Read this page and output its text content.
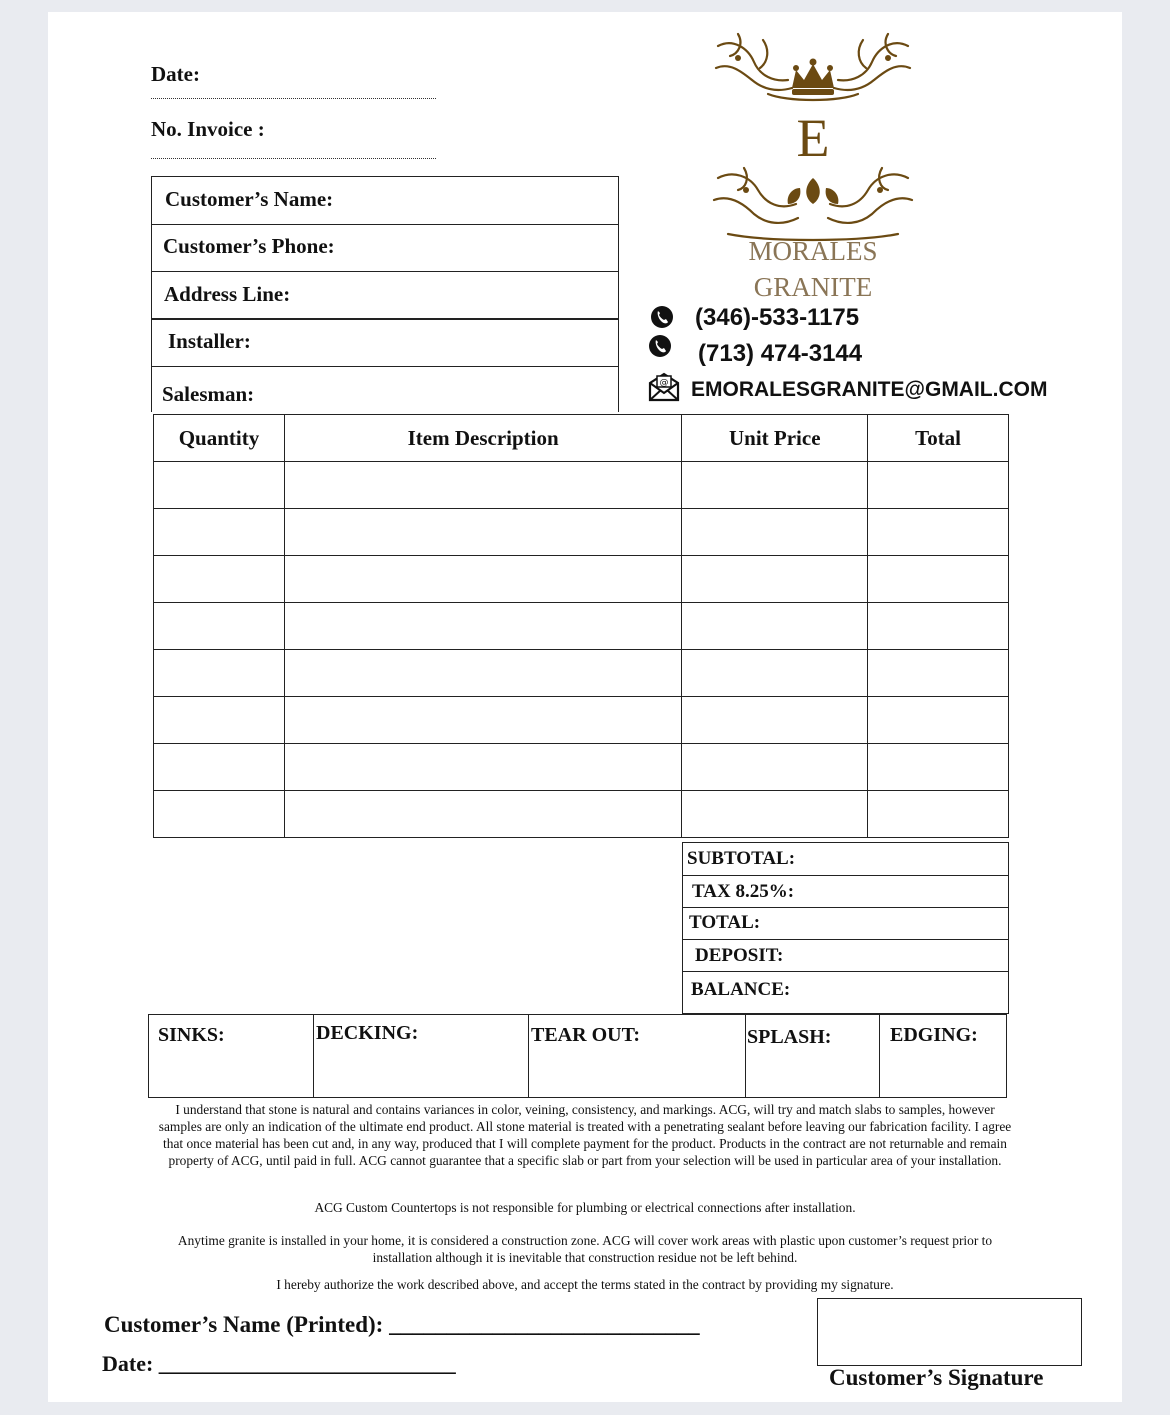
Date:
No. Invoice :
Customer’s Name:
Customer’s Phone:
Address Line:
Installer:
Salesman:
E
MORALES
GRANITE
(346)-533-1175
(713) 474-3144
@ EMORALESGRANITE@GMAIL.COM
Quantity	Item Description	Unit Price	Total

SUBTOTAL:
TAX 8.25%:
TOTAL:
DEPOSIT:
BALANCE:
SINKS:	DECKING:	TEAR OUT:	SPLASH:	EDGING:
I understand that stone is natural and contains variances in color, veining, consistency, and markings. ACG, will try and match slabs to samples, however
samples are only an indication of the ultimate end product. All stone material is treated with a penetrating sealant before leaving our fabrication facility. I agree
that once material has been cut and, in any way, produced that I will complete payment for the product. Products in the contract are not returnable and remain
property of ACG, until paid in full. ACG cannot guarantee that a specific slab or part from your selection will be used in particular area of your installation.
ACG Custom Countertops is not responsible for plumbing or electrical connections after installation.
Anytime granite is installed in your home, it is considered a construction zone. ACG will cover work areas with plastic upon customer’s request prior to
installation although it is inevitable that construction residue not be left behind.
I hereby authorize the work described above, and accept the terms stated in the contract by providing my signature.
Customer’s Name (Printed): ___________________________
Date: ___________________________
Customer’s Signature
